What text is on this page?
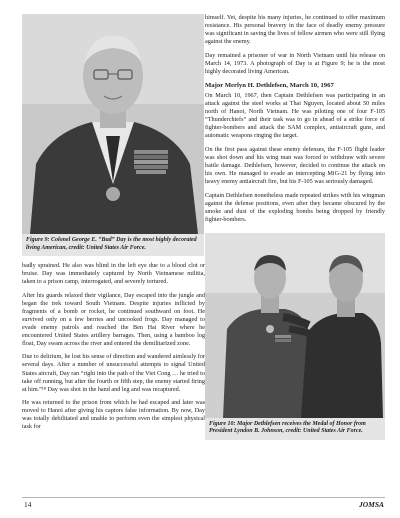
Figure 9: Colonel George E. “Bud” Day is the most highly decorated living American, credit: United States Air Force.

badly sprained. He also was blind in the left eye due to a blood clot or bruise. Day was immediately captured by North Vietnamese militia, taken to a prison camp, interrogated, and severely tortured.

After his guards relaxed their vigilance, Day escaped into the jungle and began the trek toward South Vietnam. Despite injuries inflicted by fragments of a bomb or rocket, he continued southward on foot. He survived only on a few berries and uncooked frogs. Day managed to evade enemy patrols and reached the Ben Hai River where he encountered United States artillery barrages. Then, using a bamboo log float, Day swam across the river and entered the demilitarized zone.

Due to delirium, he lost his sense of direction and wandered aimlessly for several days. After a number of unsuccessful attempts to signal United States aircraft, Day ran “right into the path of the Viet Cong … he tried to take off running, but after the fourth or fifth step, the enemy started firing at him.”¹⁸ Day was shot in the hand and leg and was recaptured.

He was returned to the prison from which he had escaped and later was moved to Hanoi after giving his captors false information. By now, Day was totally debilitated and unable to perform even the simplest physical task for

himself. Yet, despite his many injuries, he continued to offer maximum resistance. His personal bravery in the face of deadly enemy pressure was significant in saving the lives of fellow airmen who were still flying against the enemy.

Day remained a prisoner of war in North Vietnam until his release on March 14, 1973. A photograph of Day is at Figure 9; he is the most highly decorated living American.

Major Merlyn H. Dethlefsen, March 10, 1967

On March 10, 1967, then Captain Dethlefsen was participating in an attack against the steel works at Thai Nguyen, located about 50 miles north of Hanoi, North Vietnam. He was piloting one of four F-105 “Thunderchiefs” and their task was to go in ahead of a strike force of fighter-bombers and attack the SAM complex, antiaircraft guns, and automatic weapons ringing the target.

On the first pass against these enemy defenses, the F-105 flight leader was shot down and his wing man was forced to withdraw with severe battle damage. Dethlefsen, however, decided to continue the attack on his own. He managed to evade an intercepting MiG-21 by flying into heavy enemy antiaircraft fire, but his F-105 was seriously damaged.

Captain Dethlefsen nonetheless made repeated strikes with his wingman against the defense positions, even after they became obscured by the smoke and dust of the exploding bombs being dropped by friendly fighter-bombers.

Figure 10: Major Dethlefsen receives the Medal of Honor from President Lyndon B. Johnson, credit: United States Air Force.
14	JOMSA
